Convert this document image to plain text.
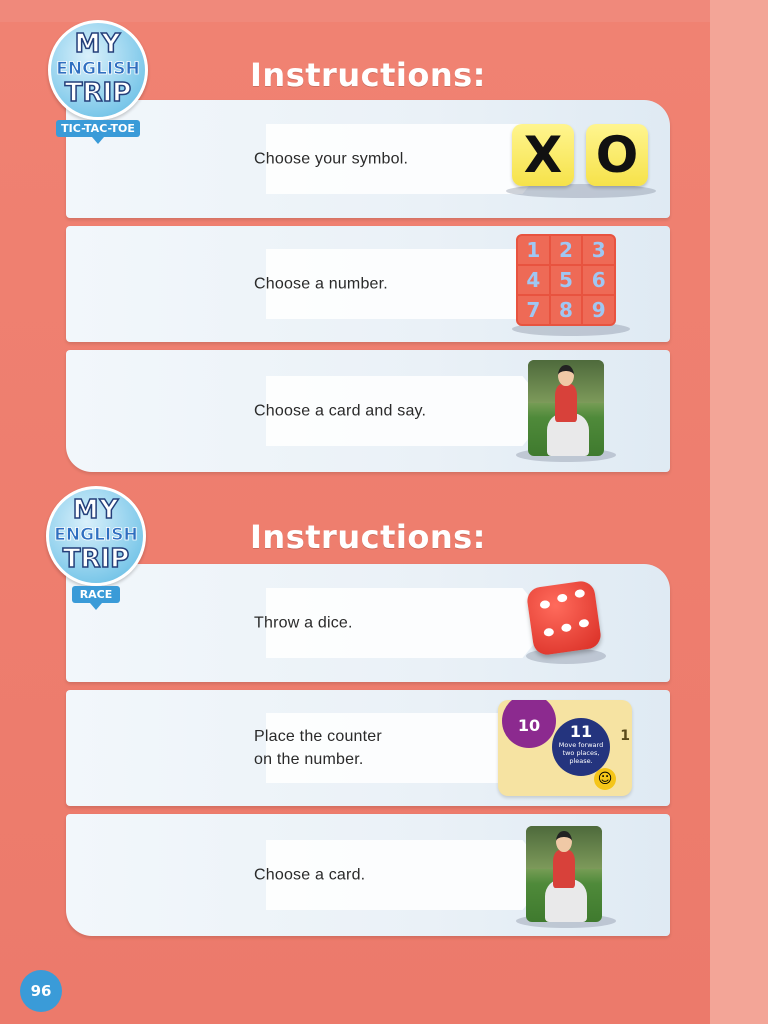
Instructions:
Choose your symbol. X O
Choose a number.
1 2 3
4 5 6
7 8 9
Choose a card and say.
MY
ENGLISH
TRIP
TIC-TAC-TOE
Instructions:
Throw a dice.
Place the counter
on the number.
10	11
Move forward two places, please.
1
☺
Choose a card.
MY
ENGLISH
TRIP
RACE
96
